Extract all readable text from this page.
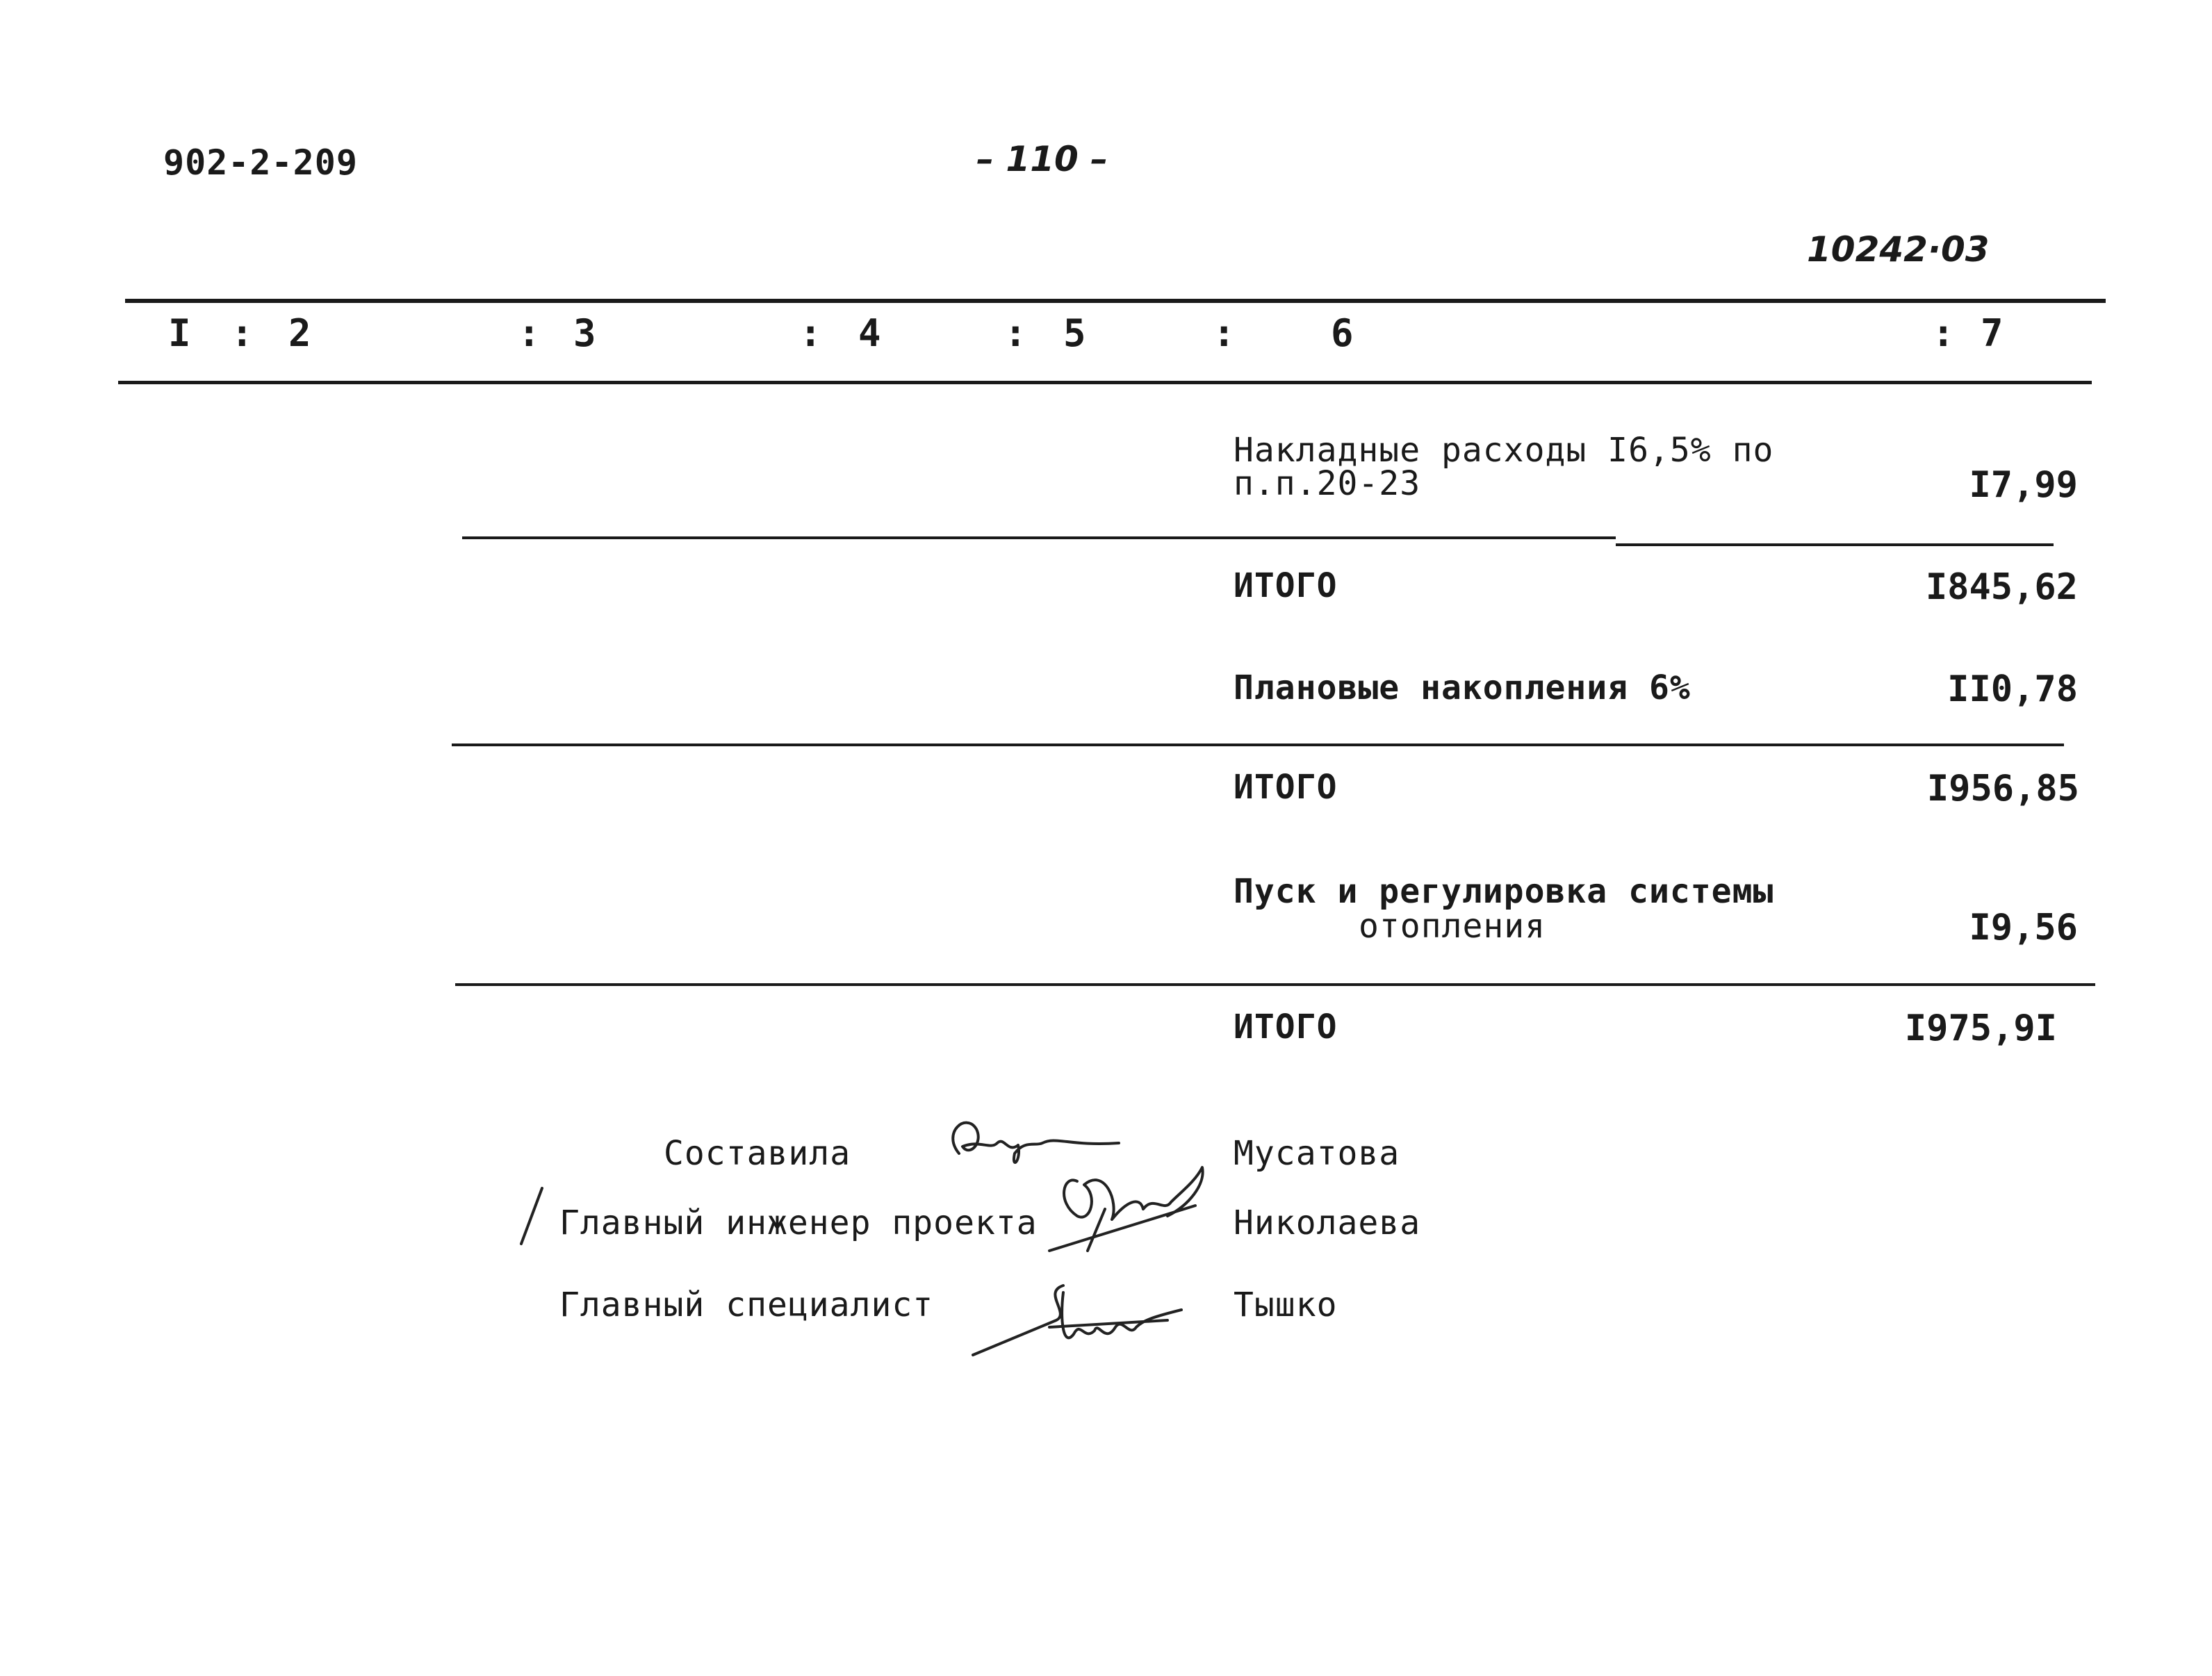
902-2-209	– 110 –
10242·03
I : 2	: 3	: 4	: 5	:	6	: 7
Накладные расходы I6,5% по
п.п.20-23	I7,99
ИТОГО	I845,62
Плановые накопления 6%	II0,78
ИТОГО	I956,85
Пуск и регулировка системы
отопления	I9,56
ИТОГО	I975,9I
Составила	Мусатова
Главный инженер проекта	Николаева
Главный специалист	Тышко
